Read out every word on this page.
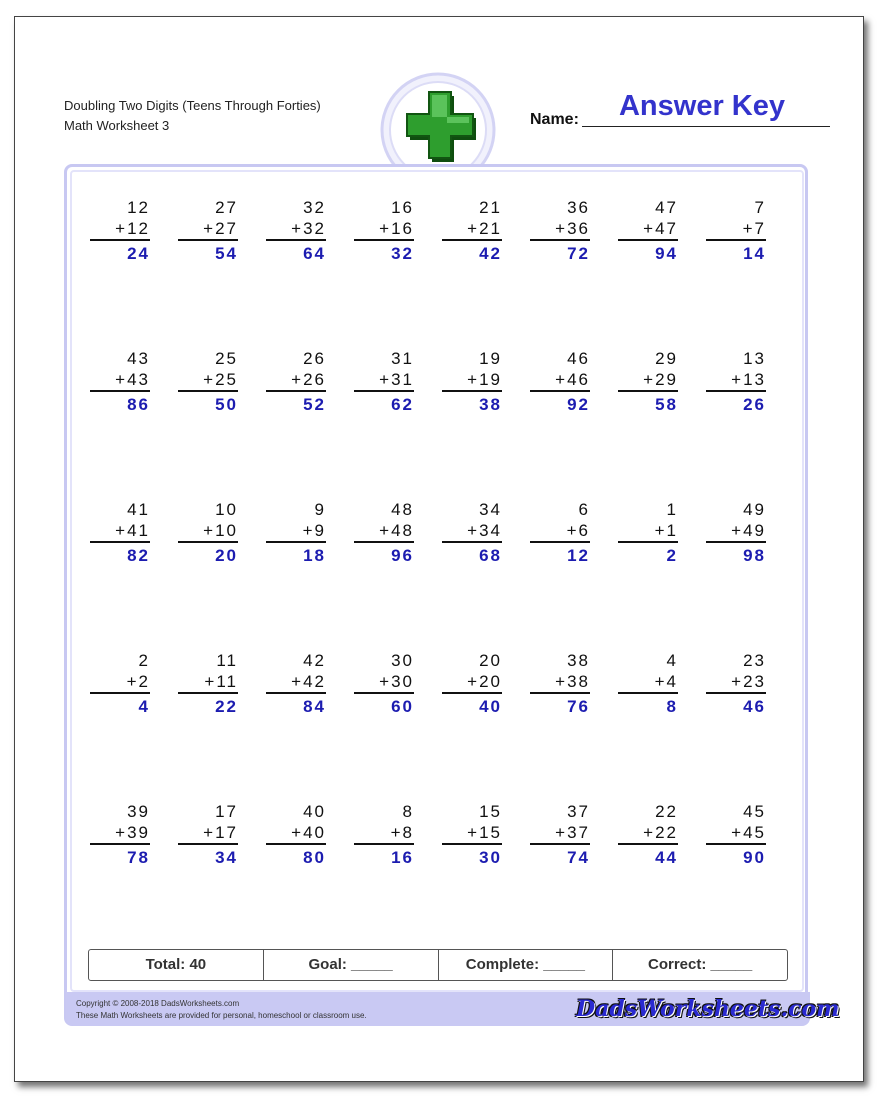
Doubling Two Digits (Teens Through Forties)
Math Worksheet 3	Name:	Answer Key
12
+12
24
27
+27
54
32
+32
64
16
+16
32
21
+21
42
36
+36
72
47
+47
94
7
+7
14
43
+43
86
25
+25
50
26
+26
52
31
+31
62
19
+19
38
46
+46
92
29
+29
58
13
+13
26
41
+41
82
10
+10
20
9
+9
18
48
+48
96
34
+34
68
6
+6
12
1
+1
2
49
+49
98
2
+2
4
11
+11
22
42
+42
84
30
+30
60
20
+20
40
38
+38
76
4
+4
8
23
+23
46
39
+39
78
17
+17
34
40
+40
80
8
+8
16
15
+15
30
37
+37
74
22
+22
44
45
+45
90
Total: 40	Goal: _____	Complete: _____	Correct: _____
Copyright © 2008-2018 DadsWorksheets.com
These Math Worksheets are provided for personal, homeschool or classroom use.	DadsWorksheets.com
